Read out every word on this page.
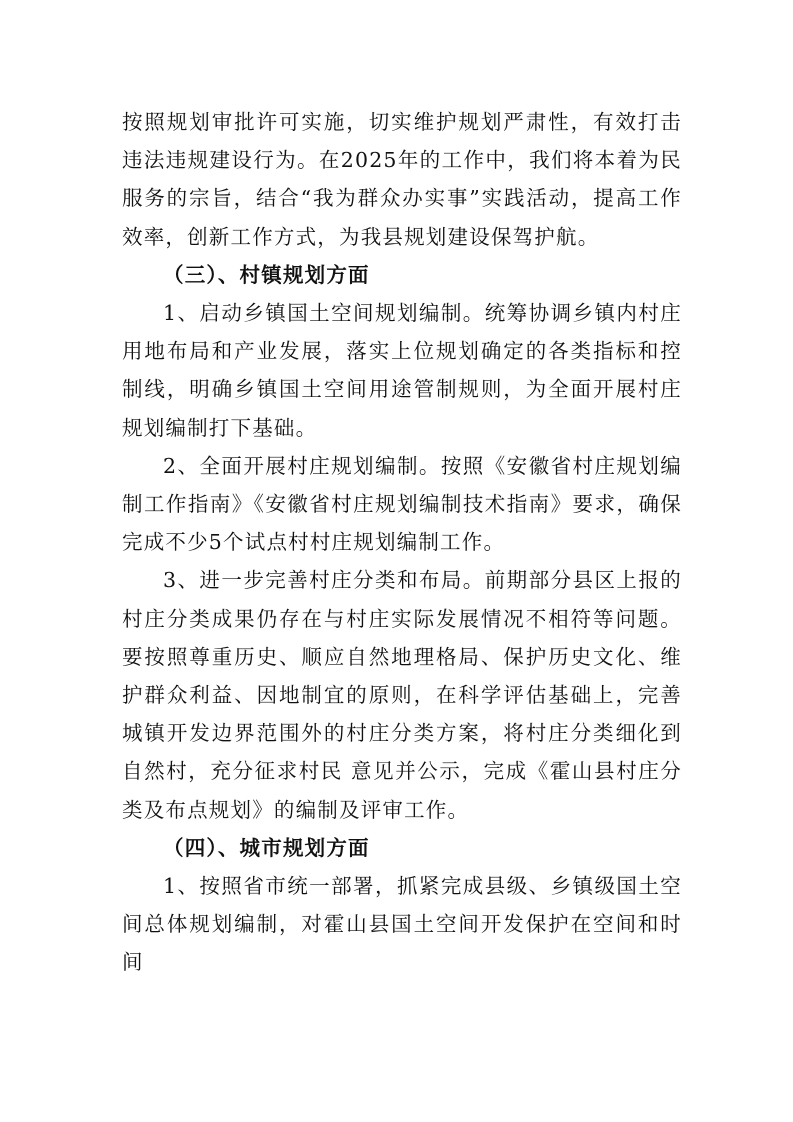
按照规划审批许可实施，切实维护规划严肃性，有效打击违法违规建设行为。在2025年的工作中，我们将本着为民服务的宗旨，结合“我为群众办实事”实践活动，提高工作效率，创新工作方式，为我县规划建设保驾护航。

（三）、村镇规划方面

1、启动乡镇国土空间规划编制。统筹协调乡镇内村庄用地布局和产业发展，落实上位规划确定的各类指标和控制线，明确乡镇国土空间用途管制规则，为全面开展村庄规划编制打下基础。

2、全面开展村庄规划编制。按照《安徽省村庄规划编制工作指南》《安徽省村庄规划编制技术指南》要求，确保完成不少5个试点村村庄规划编制工作。

3、进一步完善村庄分类和布局。前期部分县区上报的村庄分类成果仍存在与村庄实际发展情况不相符等问题。要按照尊重历史、顺应自然地理格局、保护历史文化、维护群众利益、因地制宜的原则，在科学评估基础上，完善城镇开发边界范围外的村庄分类方案，将村庄分类细化到自然村，充分征求村民 意见并公示，完成《霍山县村庄分类及布点规划》的编制及评审工作。

（四）、城市规划方面

1、按照省市统一部署，抓紧完成县级、乡镇级国土空间总体规划编制，对霍山县国土空间开发保护在空间和时间
